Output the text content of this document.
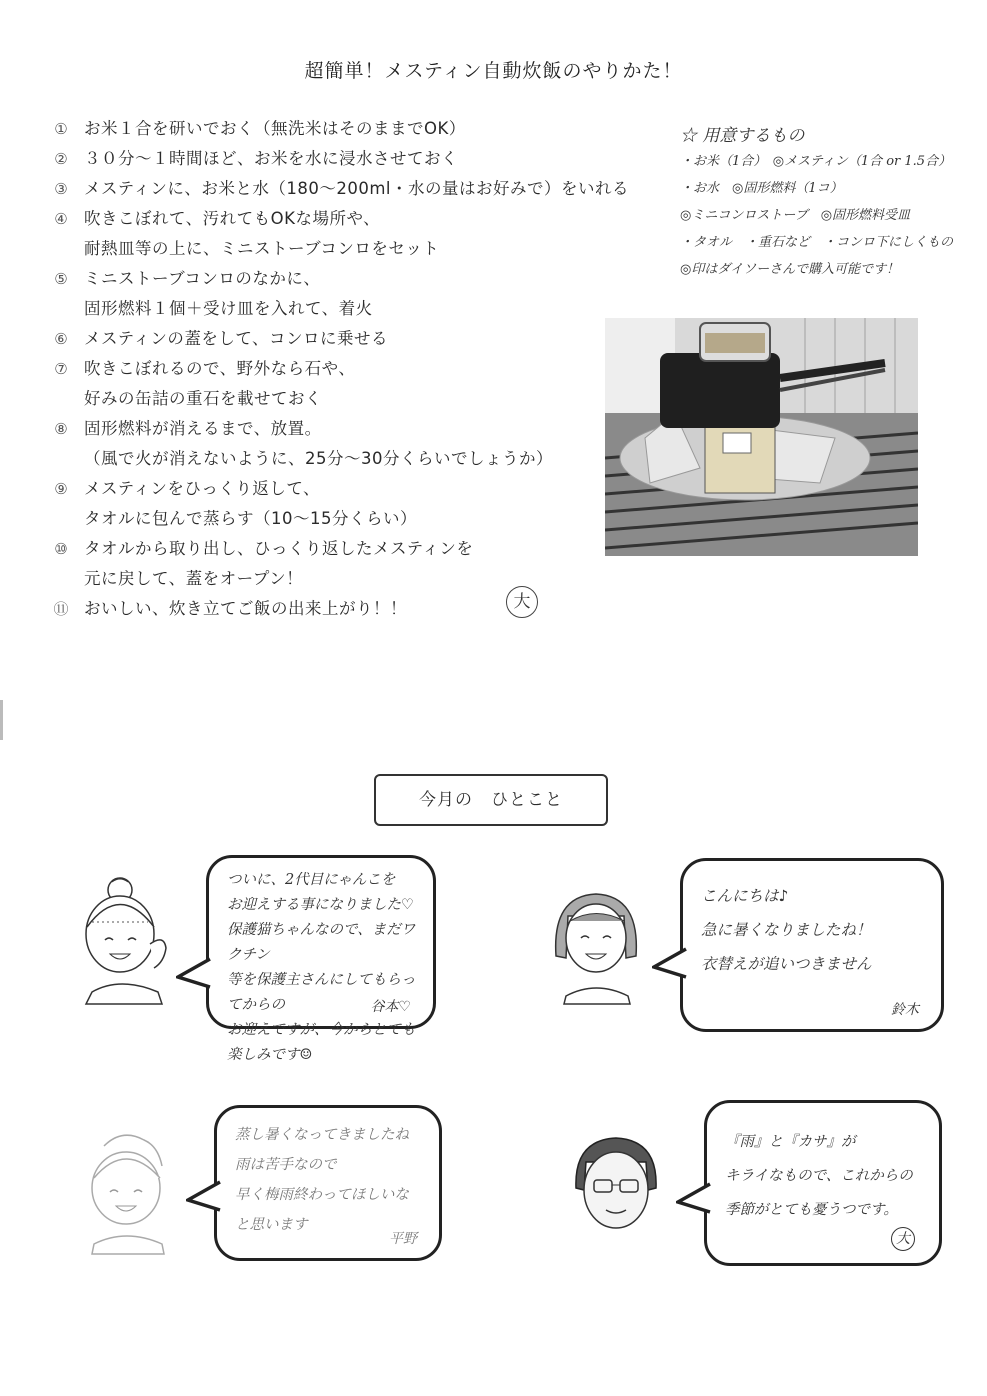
超簡単！メスティン自動炊飯のやりかた！
① お米１合を研いでおく（無洗米はそのままでOK）
② ３０分～１時間ほど、お米を水に浸水させておく
③ メスティンに、お米と水（180～200ml・水の量はお好みで）をいれる
④ 吹きこぼれて、汚れてもOKな場所や、
耐熱皿等の上に、ミニストーブコンロをセット
⑤ ミニストーブコンロのなかに、
固形燃料１個＋受け皿を入れて、着火
⑥ メスティンの蓋をして、コンロに乗せる
⑦ 吹きこぼれるので、野外なら石や、
好みの缶詰の重石を載せておく
⑧ 固形燃料が消えるまで、放置。
（風で火が消えないように、25分～30分くらいでしょうか）
⑨ メスティンをひっくり返して、
タオルに包んで蒸らす（10～15分くらい）
⑩ タオルから取り出し、ひっくり返したメスティンを
元に戻して、蓋をオープン！
⑪ おいしい、炊き立てご飯の出来上がり！！	大
☆ 用意するもの
・お米（1合）　◎メスティン（1合 or 1.5合）
・お水　◎固形燃料（1コ）
◎ミニコンロストーブ　◎固形燃料受皿
・タオル　・重石など　・コンロ下にしくもの
◎印はダイソーさんで購入可能です！
今月の　ひとこと
ついに、2代目にゃんこを
お迎えする事になりました♡
保護猫ちゃんなので、まだワクチン
等を保護主さんにしてもらってからの
お迎えですが、今からとても
楽しみです☺
谷本♡
こんにちは♪
急に暑くなりましたね！
衣替えが追いつきません
鈴木
蒸し暑くなってきましたね
雨は苦手なので
早く梅雨終わってほしいな
と思います
平野
『雨』と『カサ』が
キライなもので、これからの
季節がとても憂うつです。
大
